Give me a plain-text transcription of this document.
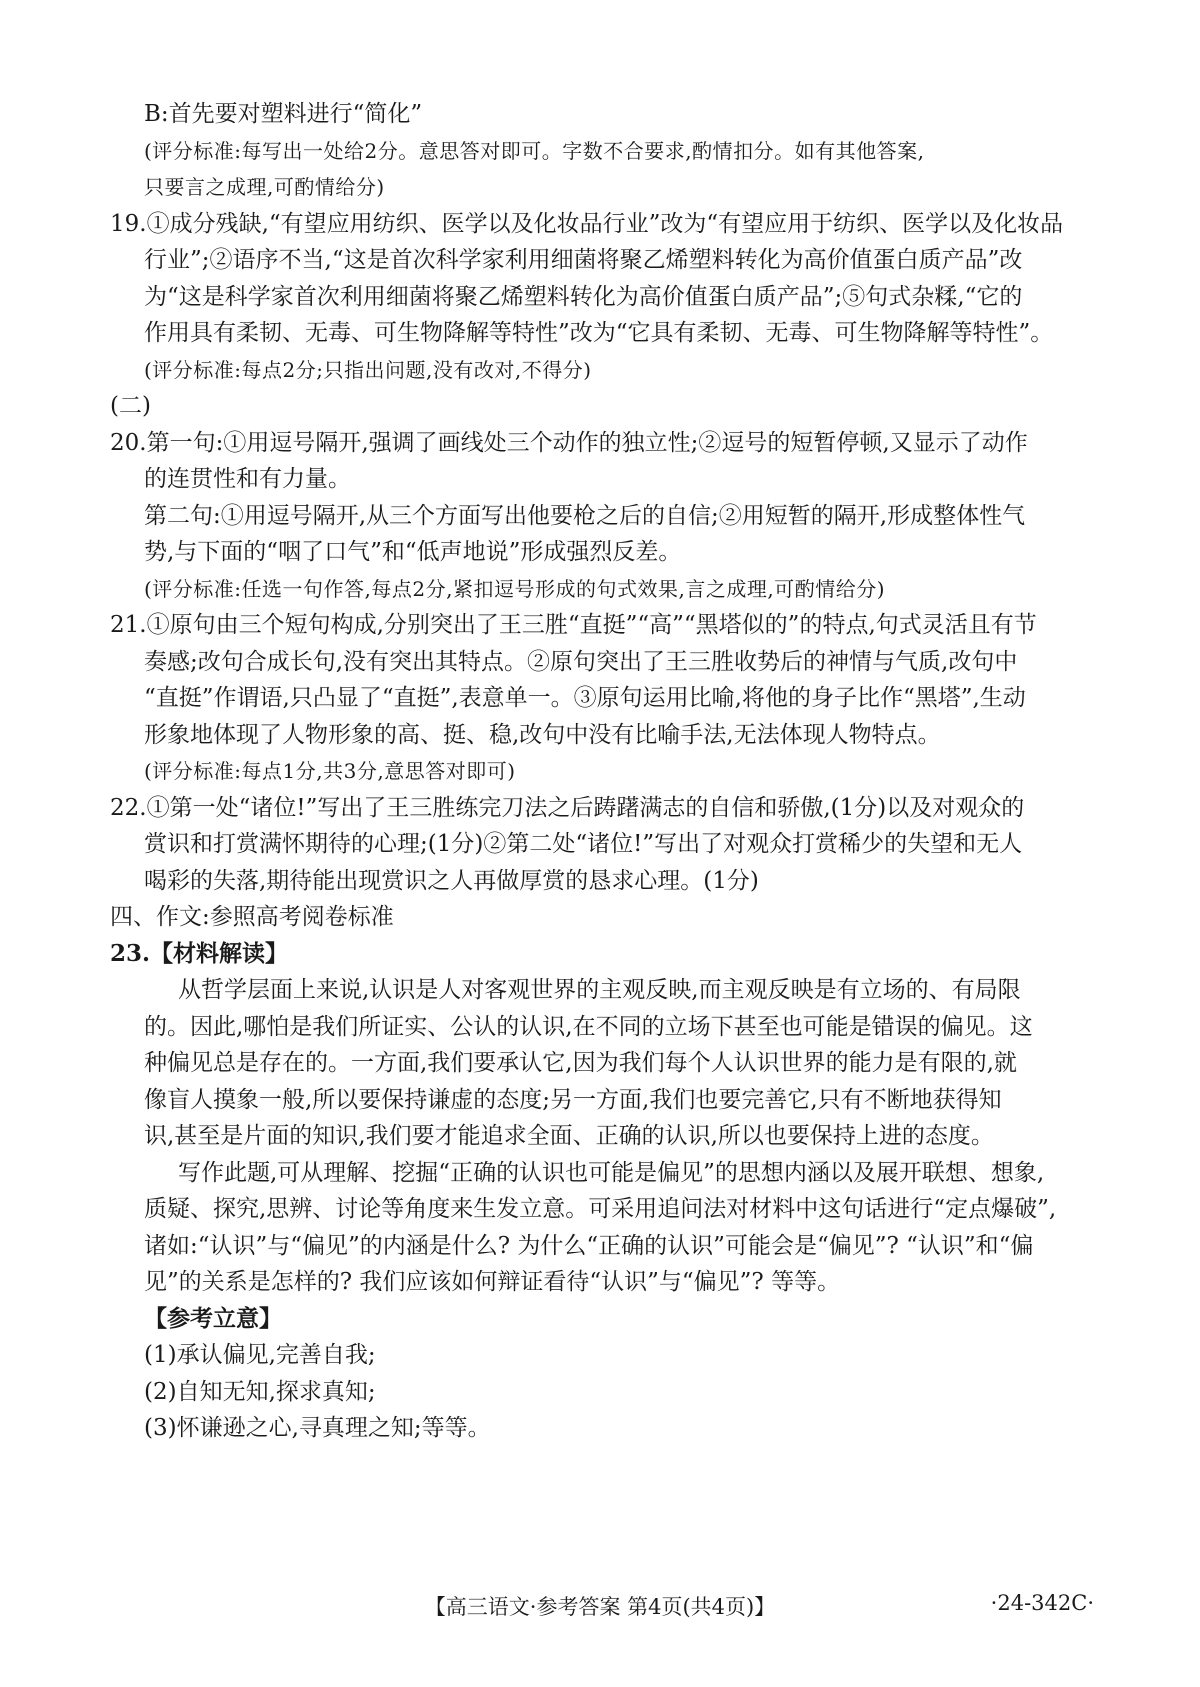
B:首先要对塑料进行“简化”
(评分标准:每写出一处给2分。意思答对即可。字数不合要求,酌情扣分。如有其他答案,
只要言之成理,可酌情给分)
19.①成分残缺,“有望应用纺织、医学以及化妆品行业”改为“有望应用于纺织、医学以及化妆品
行业”;②语序不当,“这是首次科学家利用细菌将聚乙烯塑料转化为高价值蛋白质产品”改
为“这是科学家首次利用细菌将聚乙烯塑料转化为高价值蛋白质产品”;⑤句式杂糅,“它的
作用具有柔韧、无毒、可生物降解等特性”改为“它具有柔韧、无毒、可生物降解等特性”。
(评分标准:每点2分;只指出问题,没有改对,不得分)
(二)
20.第一句:①用逗号隔开,强调了画线处三个动作的独立性;②逗号的短暂停顿,又显示了动作
的连贯性和有力量。
第二句:①用逗号隔开,从三个方面写出他要枪之后的自信;②用短暂的隔开,形成整体性气
势,与下面的“咽了口气”和“低声地说”形成强烈反差。
(评分标准:任选一句作答,每点2分,紧扣逗号形成的句式效果,言之成理,可酌情给分)
21.①原句由三个短句构成,分别突出了王三胜“直挺”“高”“黑塔似的”的特点,句式灵活且有节
奏感;改句合成长句,没有突出其特点。②原句突出了王三胜收势后的神情与气质,改句中
“直挺”作谓语,只凸显了“直挺”,表意单一。③原句运用比喻,将他的身子比作“黑塔”,生动
形象地体现了人物形象的高、挺、稳,改句中没有比喻手法,无法体现人物特点。
(评分标准:每点1分,共3分,意思答对即可)
22.①第一处“诸位!”写出了王三胜练完刀法之后踌躇满志的自信和骄傲,(1分)以及对观众的
赏识和打赏满怀期待的心理;(1分)②第二处“诸位!”写出了对观众打赏稀少的失望和无人
喝彩的失落,期待能出现赏识之人再做厚赏的恳求心理。(1分)
四、作文:参照高考阅卷标准
23.【材料解读】
从哲学层面上来说,认识是人对客观世界的主观反映,而主观反映是有立场的、有局限
的。因此,哪怕是我们所证实、公认的认识,在不同的立场下甚至也可能是错误的偏见。这
种偏见总是存在的。一方面,我们要承认它,因为我们每个人认识世界的能力是有限的,就
像盲人摸象一般,所以要保持谦虚的态度;另一方面,我们也要完善它,只有不断地获得知
识,甚至是片面的知识,我们要才能追求全面、正确的认识,所以也要保持上进的态度。
写作此题,可从理解、挖掘“正确的认识也可能是偏见”的思想内涵以及展开联想、想象,
质疑、探究,思辨、讨论等角度来生发立意。可采用追问法对材料中这句话进行“定点爆破”,
诸如:“认识”与“偏见”的内涵是什么? 为什么“正确的认识”可能会是“偏见”? “认识”和“偏
见”的关系是怎样的? 我们应该如何辩证看待“认识”与“偏见”? 等等。
【参考立意】
(1)承认偏见,完善自我;
(2)自知无知,探求真知;
(3)怀谦逊之心,寻真理之知;等等。
【高三语文·参考答案 第4页(共4页)】	·24-342C·
